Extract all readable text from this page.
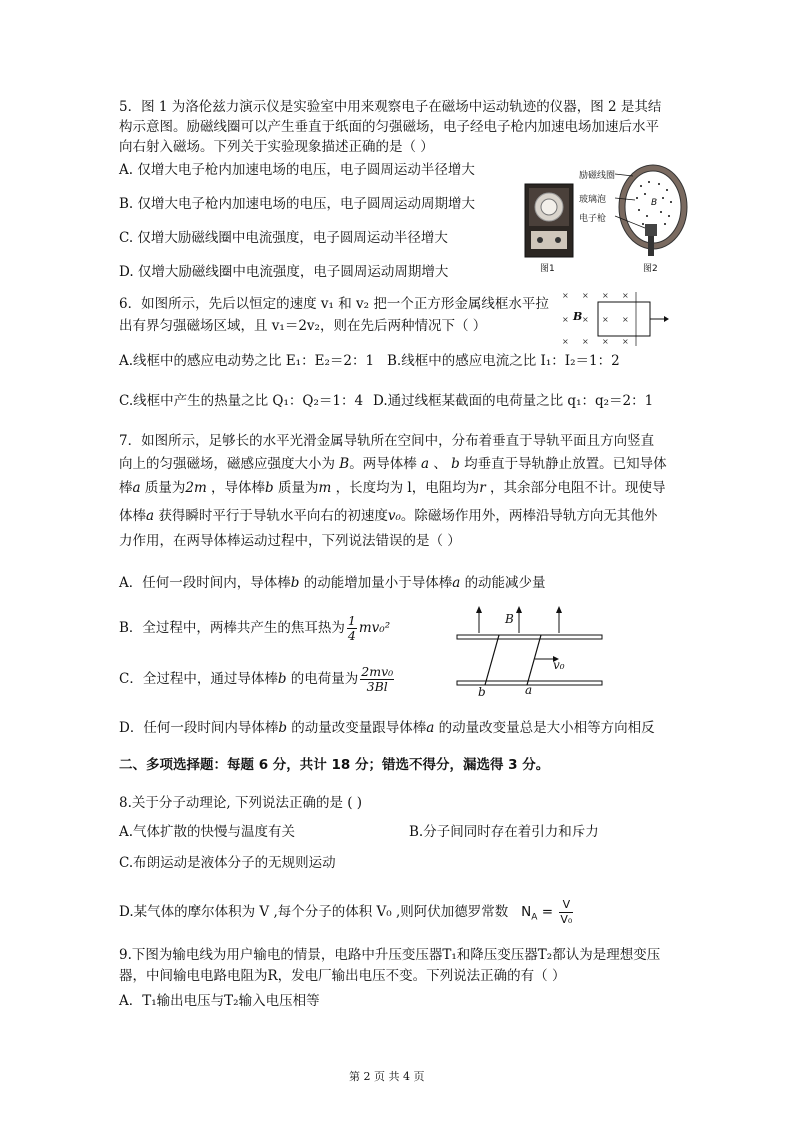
5．图 1 为洛伦兹力演示仪是实验室中用来观察电子在磁场中运动轨迹的仪器，图 2 是其结
构示意图。励磁线圈可以产生垂直于纸面的匀强磁场，电子经电子枪内加速电场加速后水平
向右射入磁场。下列关于实验现象描述正确的是（ ）
A. 仅增大电子枪内加速电场的电压，电子圆周运动半径增大
B. 仅增大电子枪内加速电场的电压，电子圆周运动周期增大
C. 仅增大励磁线圈中电流强度，电子圆周运动半径增大
D. 仅增大励磁线圈中电流强度，电子圆周运动周期增大	图1
励磁线圈
玻璃泡
电子枪
B
图2
6．如图所示，先后以恒定的速度 v₁ 和 v₂ 把一个正方形金属线框水平拉
出有界匀强磁场区域，且 v₁＝2v₂，则在先后两种情况下（ ）
× × × ×
×	× ×
× × × ×
×
B
A.线框中的感应电动势之比 E₁：E₂＝2：1 B.线框中的感应电流之比 I₁：I₂＝1：2
C.线框中产生的热量之比 Q₁：Q₂＝1：4 D.通过线框某截面的电荷量之比 q₁：q₂＝2：1
7．如图所示，足够长的水平光滑金属导轨所在空间中，分布着垂直于导轨平面且方向竖直
向上的匀强磁场，磁感应强度大小为 B。两导体棒 a 、 b 均垂直于导轨静止放置。已知导体
棒a 质量为2m ，导体棒b 质量为m ，长度均为 l，电阻均为r ，其余部分电阻不计。现使导
体棒a 获得瞬时平行于导轨水平向右的初速度v₀。除磁场作用外，两棒沿导轨方向无其他外
力作用，在两导体棒运动过程中，下列说法错误的是（ ）
A．任何一段时间内，导体棒b 的动能增加量小于导体棒a 的动能减少量
B．全过程中，两棒共产生的焦耳热为 $\frac{1}{4} mv_0^2$
C．全过程中，通过导体棒b 的电荷量为 $\frac{\text{2mv₀}}{3Bl}$
D．任何一段时间内导体棒b 的动量改变量跟导体棒a 的动量改变量总是大小相等方向相反
B
v₀
b	a
二、多项选择题：每题 6 分，共计 18 分；错选不得分，漏选得 3 分。
8.关于分子动理论, 下列说法正确的是 ( )
A.气体扩散的快慢与温度有关	B.分子间同时存在着引力和斥力
C.布朗运动是液体分子的无规则运动
D.某气体的摩尔体积为 V ,每个分子的体积 V₀ ,则阿伏加德罗常数 $N_A = \frac{V}{\text{V₀}}$
9.下图为输电线为用户输电的情景，电路中升压变压器T₁和降压变压器T₂都认为是理想变压
器，中间输电电路电阻为R，发电厂输出电压不变。下列说法正确的有（ ）
A．T₁输出电压与T₂输入电压相等
第 2 页 共 4 页
